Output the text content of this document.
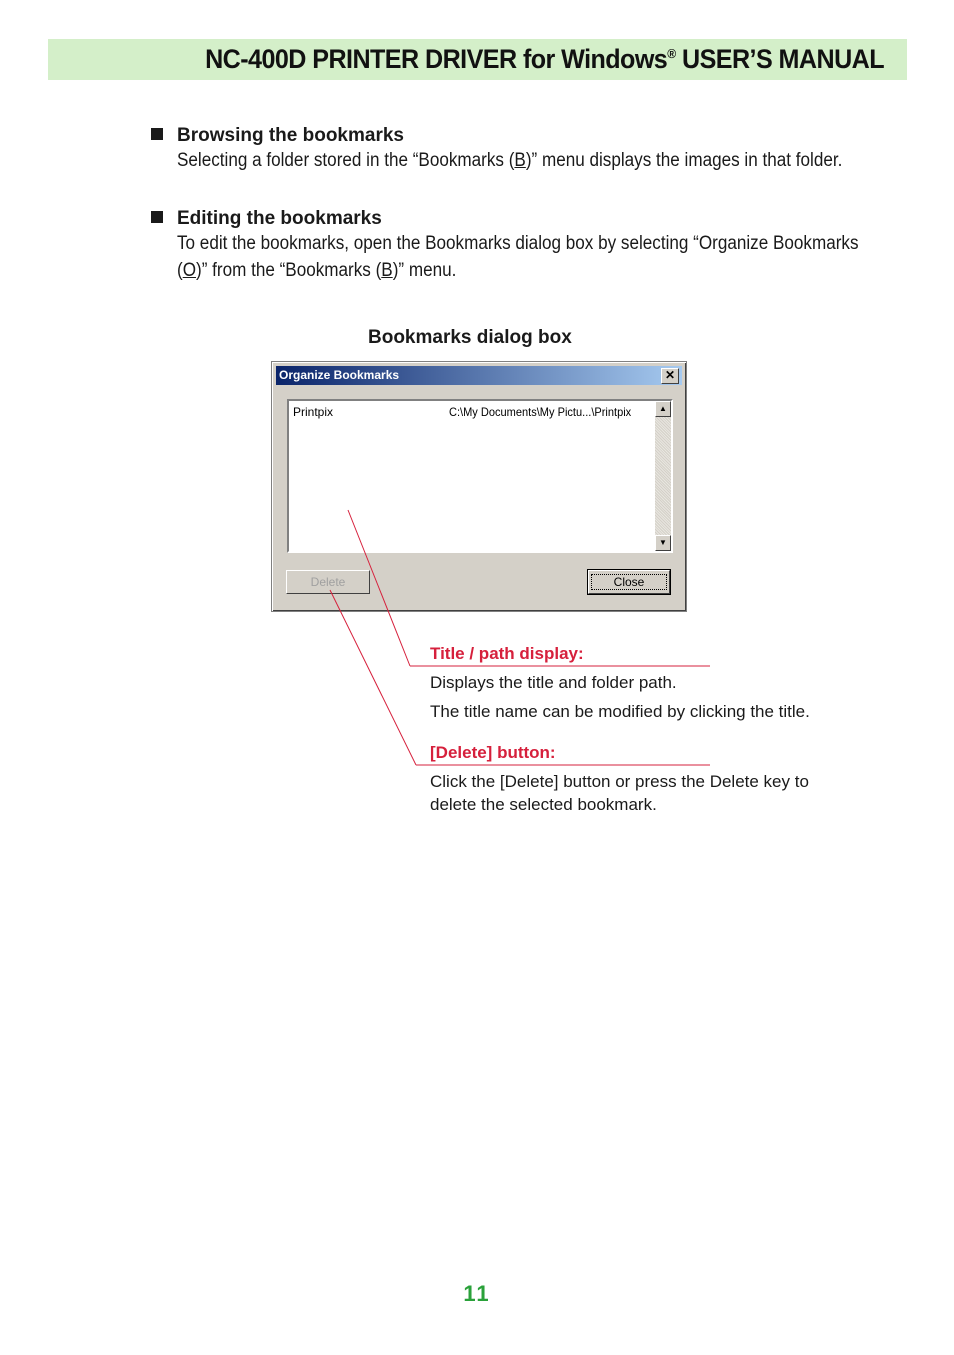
NC-400D PRINTER DRIVER for Windows® USER’S MANUAL
Browsing the bookmarks
Selecting a folder stored in the “Bookmarks (B)” menu displays the images in that folder.
Editing the bookmarks
To edit the bookmarks, open the Bookmarks dialog box by selecting “Organize Bookmarks
(O)” from the “Bookmarks (B)” menu.
Bookmarks dialog box
Organize Bookmarks	✕
Printpix	C:\My Documents\My Pictu...\Printpix	▲
▼
Delete	Close
Title / path display:
Displays the title and folder path.
The title name can be modified by clicking the title.
[Delete] button:
Click the [Delete] button or press the Delete key to
delete the selected bookmark.
11
